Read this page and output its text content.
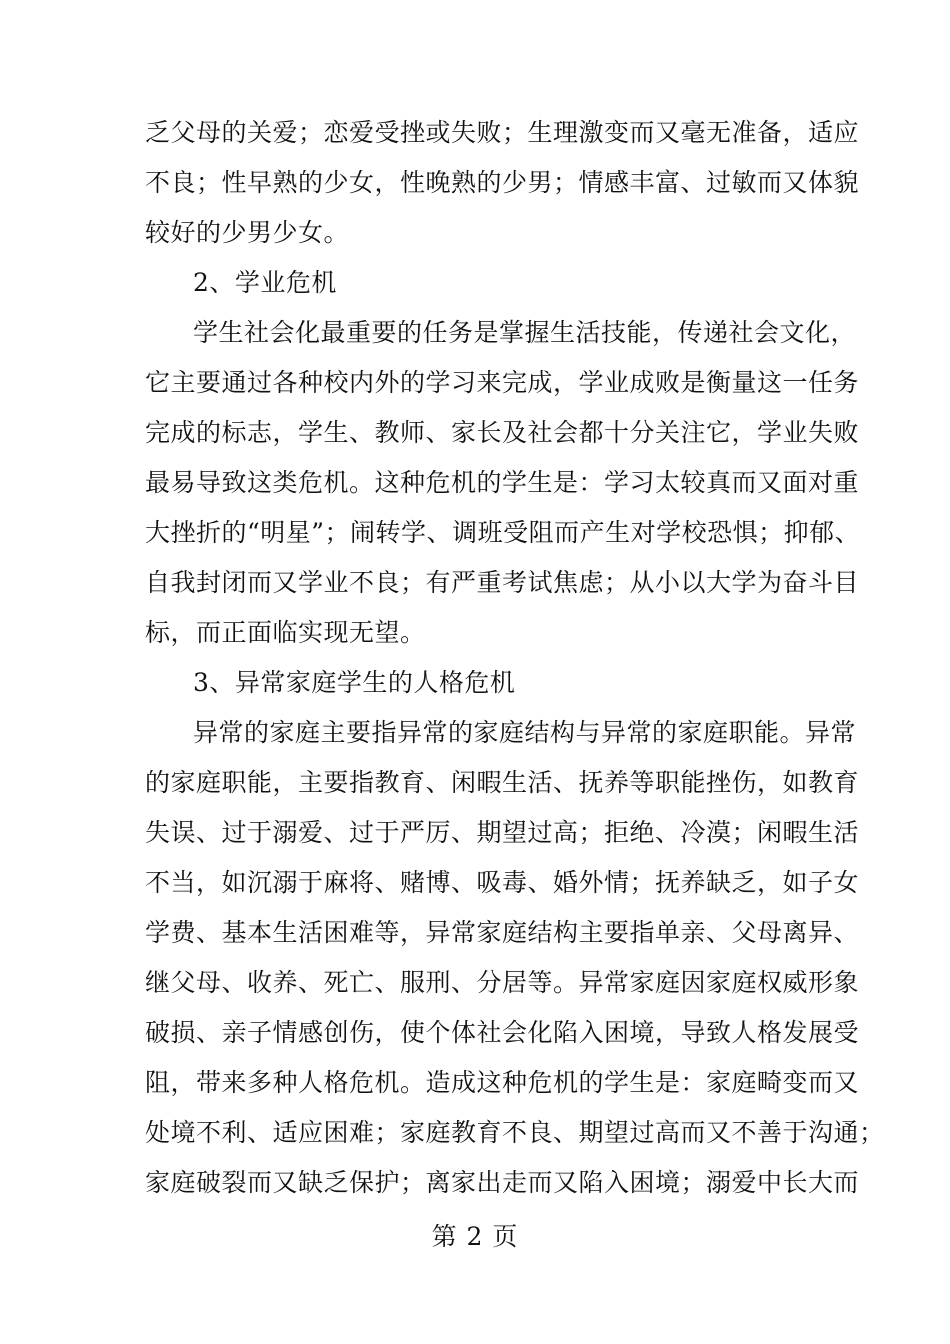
乏父母的关爱；恋爱受挫或失败；生理激变而又毫无准备，适应
不良；性早熟的少女，性晚熟的少男；情感丰富、过敏而又体貌
较好的少男少女。
2、学业危机
学生社会化最重要的任务是掌握生活技能，传递社会文化，
它主要通过各种校内外的学习来完成，学业成败是衡量这一任务
完成的标志，学生、教师、家长及社会都十分关注它，学业失败
最易导致这类危机。这种危机的学生是：学习太较真而又面对重
大挫折的“明星”；闹转学、调班受阻而产生对学校恐惧；抑郁、
自我封闭而又学业不良；有严重考试焦虑；从小以大学为奋斗目
标，而正面临实现无望。
3、异常家庭学生的人格危机
异常的家庭主要指异常的家庭结构与异常的家庭职能。异常
的家庭职能，主要指教育、闲暇生活、抚养等职能挫伤，如教育
失误、过于溺爱、过于严厉、期望过高；拒绝、冷漠；闲暇生活
不当，如沉溺于麻将、赌博、吸毒、婚外情；抚养缺乏，如子女
学费、基本生活困难等，异常家庭结构主要指单亲、父母离异、
继父母、收养、死亡、服刑、分居等。异常家庭因家庭权威形象
破损、亲子情感创伤，使个体社会化陷入困境，导致人格发展受
阻，带来多种人格危机。造成这种危机的学生是：家庭畸变而又
处境不利、适应困难；家庭教育不良、期望过高而又不善于沟通；
家庭破裂而又缺乏保护；离家出走而又陷入困境；溺爱中长大而
第 2 页
